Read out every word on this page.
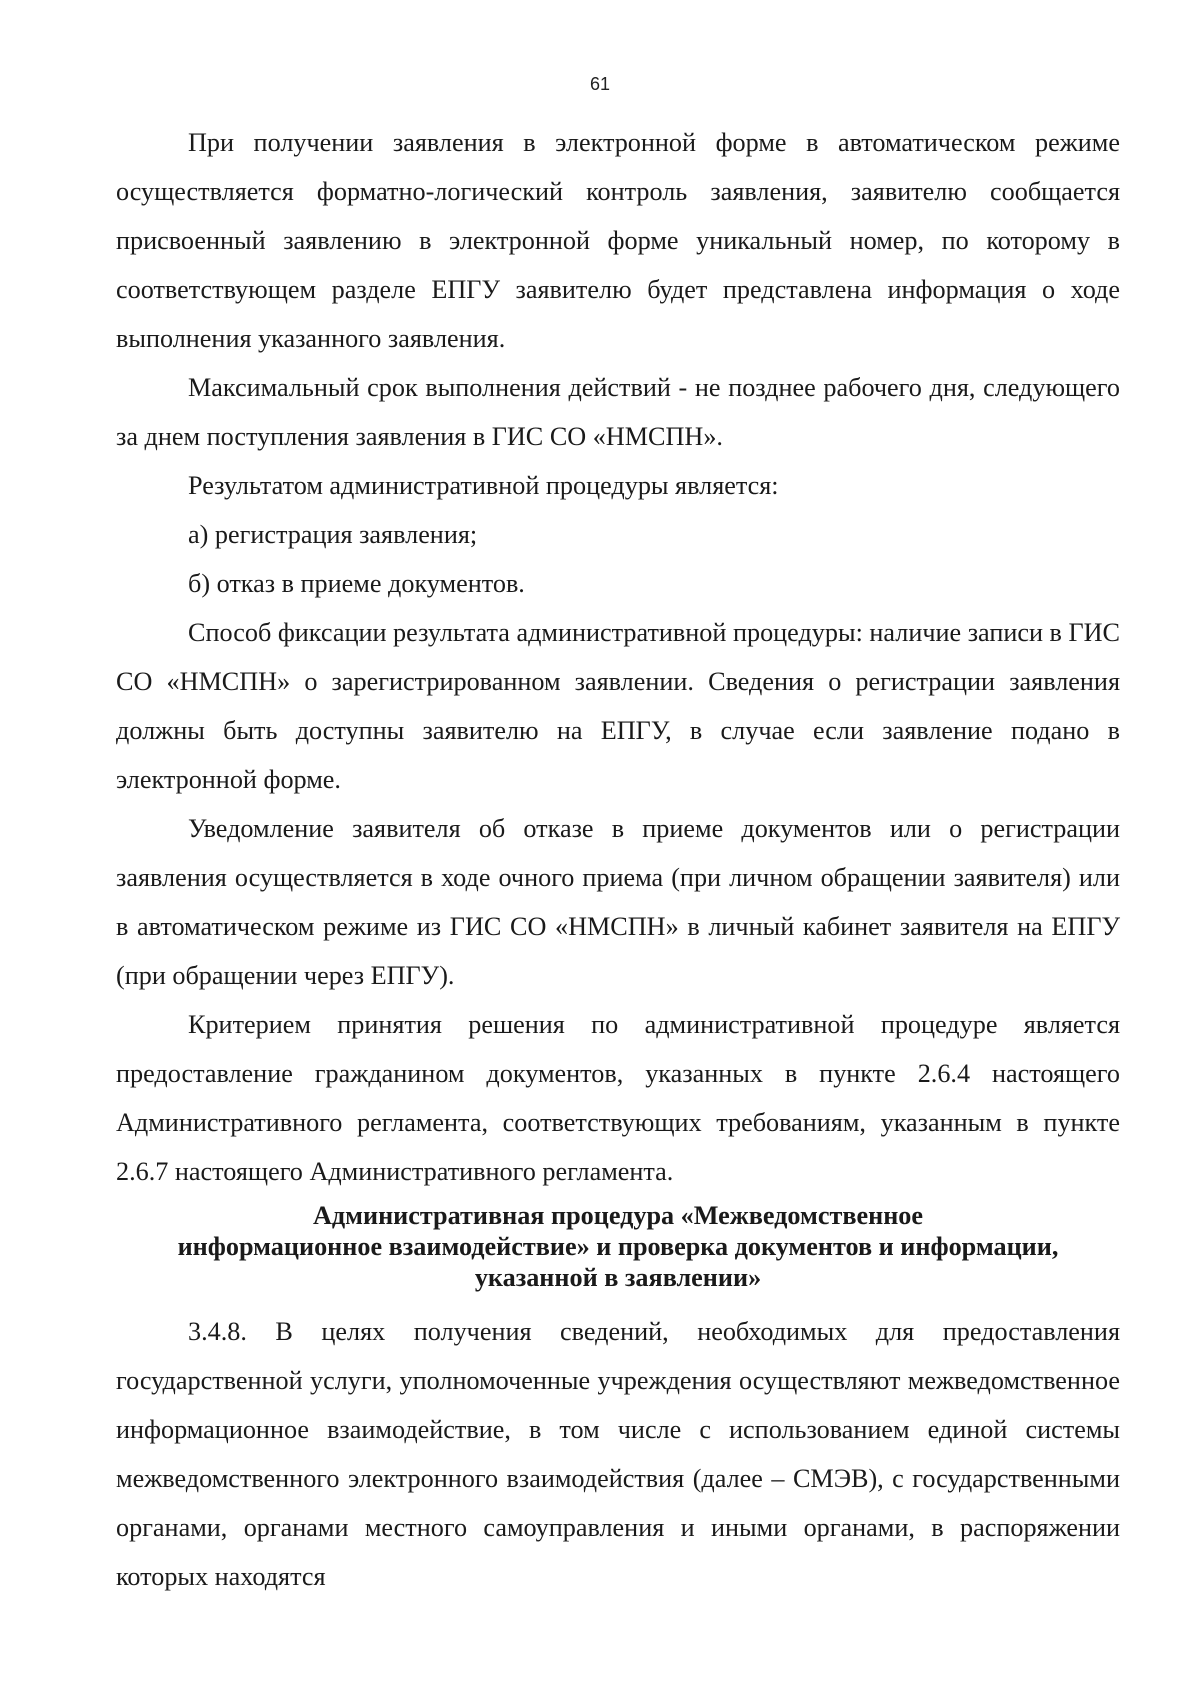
61

При получении заявления в электронной форме в автоматическом режиме осуществляется форматно-логический контроль заявления, заявителю сообщается присвоенный заявлению в электронной форме уникальный номер, по которому в соответствующем разделе ЕПГУ заявителю будет представлена информация о ходе выполнения указанного заявления.

Максимальный срок выполнения действий - не позднее рабочего дня, следующего за днем поступления заявления в ГИС СО «НМСПН».

Результатом административной процедуры является:

а) регистрация заявления;

б) отказ в приеме документов.

Способ фиксации результата административной процедуры: наличие записи в ГИС СО «НМСПН» о зарегистрированном заявлении. Сведения о регистрации заявления должны быть доступны заявителю на ЕПГУ, в случае если заявление подано в электронной форме.

Уведомление заявителя об отказе в приеме документов или о регистрации заявления осуществляется в ходе очного приема (при личном обращении заявителя) или в автоматическом режиме из ГИС СО «НМСПН» в личный кабинет заявителя на ЕПГУ (при обращении через ЕПГУ).

Критерием принятия решения по административной процедуре является предоставление гражданином документов, указанных в пункте 2.6.4 настоящего Административного регламента, соответствующих требованиям, указанным в пункте 2.6.7 настоящего Административного регламента.

Административная процедура «Межведомственное
информационное взаимодействие» и проверка документов и информации,
указанной в заявлении»

3.4.8. В целях получения сведений, необходимых для предоставления государственной услуги, уполномоченные учреждения осуществляют межведомственное информационное взаимодействие, в том числе с использованием единой системы межведомственного электронного взаимодействия (далее – СМЭВ), с государственными органами, органами местного самоуправления и иными органами, в распоряжении которых находятся
